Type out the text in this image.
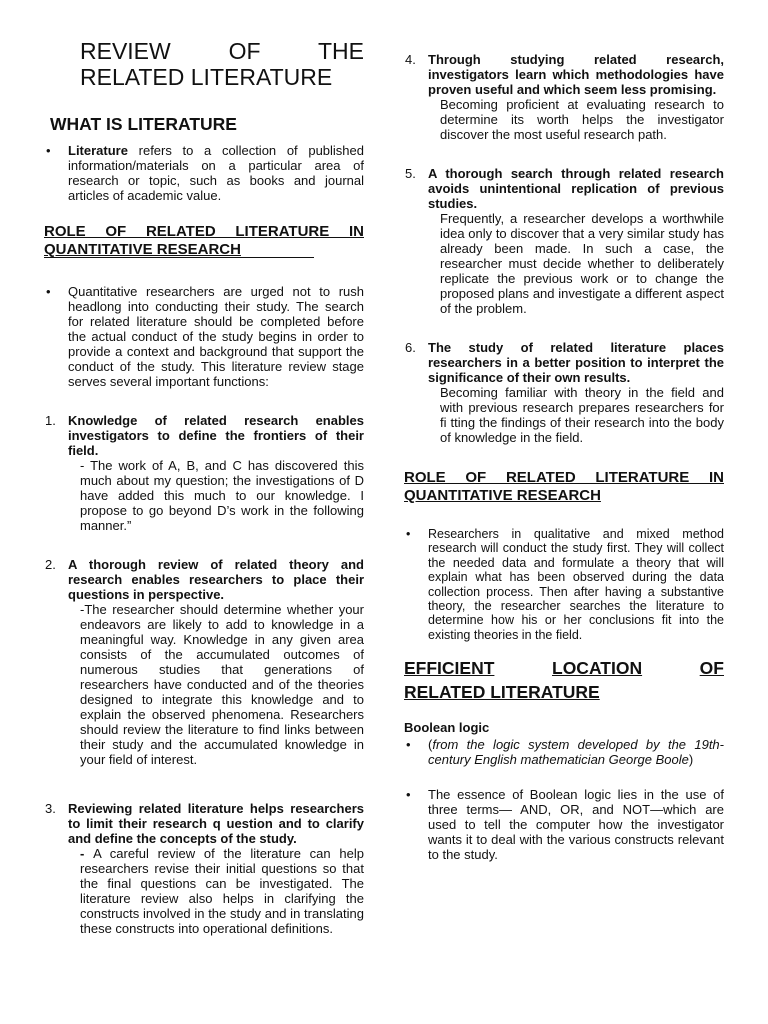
REVIEW OF THE
RELATED LITERATURE
WHAT IS LITERATURE
• Literature refers to a collection of published information/materials on a particular area of research or topic, such as books and journal articles of academic value.
ROLE OF RELATED LITERATURE IN
QUANTITATIVE RESEARCH
• Quantitative researchers are urged not to rush headlong into conducting their study. The search for related literature should be completed before the actual conduct of the study begins in order to provide a context and background that support the conduct of the study. This literature review stage serves several important functions:
1. Knowledge of related research enables investigators to define the frontiers of their field.
- The work of A, B, and C has discovered this much about my question; the investigations of D have added this much to our knowledge. I propose to go beyond D’s work in the following manner.”
2. A thorough review of related theory and research enables researchers to place their questions in perspective.
-The researcher should determine whether your endeavors are likely to add to knowledge in a meaningful way. Knowledge in any given area consists of the accumulated outcomes of numerous studies that generations of researchers have conducted and of the theories designed to integrate this knowledge and to explain the observed phenomena. Researchers should review the literature to find links between their study and the accumulated knowledge in your field of interest.
3. Reviewing related literature helps researchers to limit their research q uestion and to clarify and define the concepts of the study.
- A careful review of the literature can help researchers revise their initial questions so that the final questions can be investigated. The literature review also helps in clarifying the constructs involved in the study and in translating these constructs into operational definitions.
4. Through studying related research, investigators learn which methodologies have proven useful and which seem less promising.
Becoming proficient at evaluating research to determine its worth helps the investigator discover the most useful research path.
5. A thorough search through related research avoids unintentional replication of previous studies.
Frequently, a researcher develops a worthwhile idea only to discover that a very similar study has already been made. In such a case, the researcher must decide whether to deliberately replicate the previous work or to change the proposed plans and investigate a different aspect of the problem.
6. The study of related literature places researchers in a better position to interpret the significance of their own results.
Becoming familiar with theory in the field and with previous research prepares researchers for fi tting the findings of their research into the body of knowledge in the field.
ROLE OF RELATED LITERATURE IN
QUANTITATIVE RESEARCH
• Researchers in qualitative and mixed method research will conduct the study first. They will collect the needed data and formulate a theory that will explain what has been observed during the data collection process. Then after having a substantive theory, the researcher searches the literature to determine how his or her conclusions fit into the existing theories in the field.
EFFICIENT	LOCATION	OF
RELATED LITERATURE
Boolean logic
• (from the logic system developed by the 19th-century English mathematician George Boole)
• The essence of Boolean logic lies in the use of three terms— AND, OR, and NOT—which are used to tell the computer how the investigator wants it to deal with the various constructs relevant to the study.
